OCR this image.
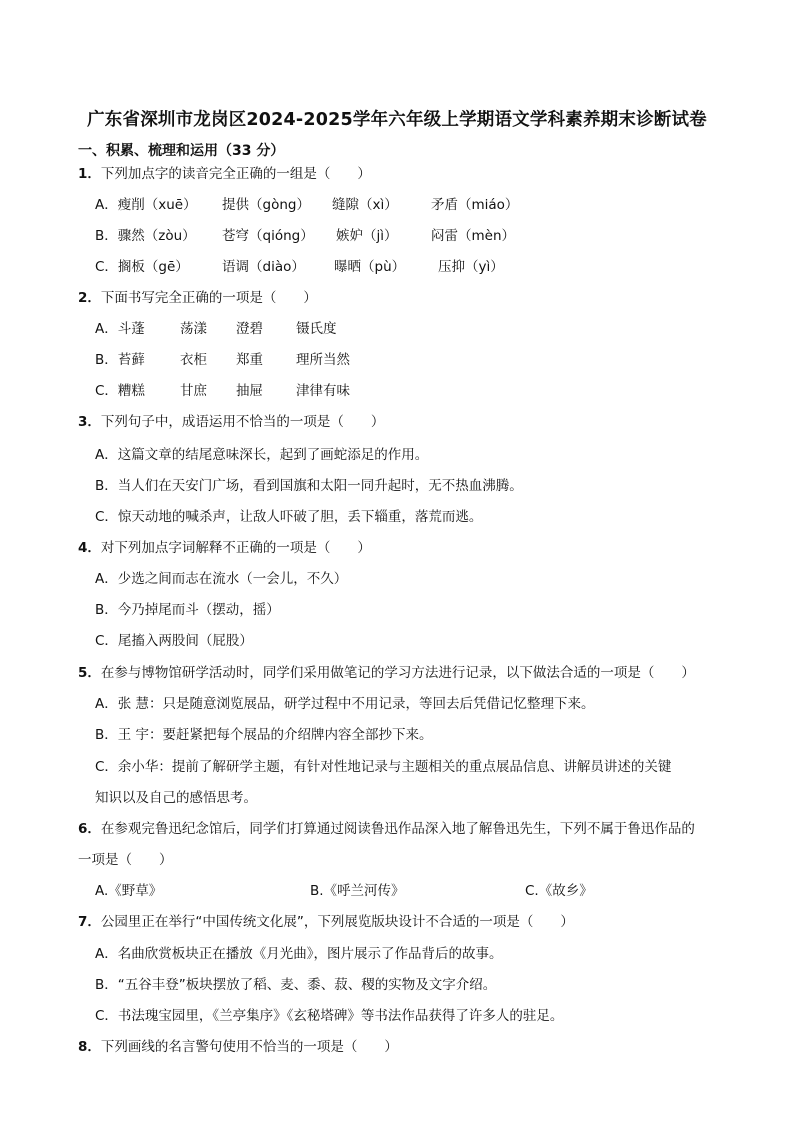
广东省深圳市龙岗区2024-2025学年六年级上学期语文学科素养期末诊断试卷
一、积累、梳理和运用（33 分）
1．下列加点字的读音完全正确的一组是（　　）
A．瘦削（xuē） 提供（gòng） 缝隙（xì） 矛盾（miáo）
B．骤然（zòu） 苍穹（qióng） 嫉妒（jì） 闷雷（mèn）
C．搁板（gē） 语调（diào） 曝晒（pù） 压抑（yì）
2．下面书写完全正确的一项是（　　）
A．斗蓬	荡漾 澄碧 镊氏度
B．苔藓	衣柜 郑重 理所当然
C．糟糕	甘庶 抽屉 津律有味
3．下列句子中，成语运用不恰当的一项是（　　）
A．这篇文章的结尾意味深长，起到了画蛇添足的作用。
B．当人们在天安门广场，看到国旗和太阳一同升起时，无不热血沸腾。
C．惊天动地的喊杀声，让敌人吓破了胆，丢下辎重，落荒而逃。
4．对下列加点字词解释不正确的一项是（　　）
A．少选之间而志在流水（一会儿，不久）
B．今乃掉尾而斗（摆动，摇）
C．尾搐入两股间（屁股）
5．在参与博物馆研学活动时，同学们采用做笔记的学习方法进行记录，以下做法合适的一项是（　　）
A．张 慧：只是随意浏览展品，研学过程中不用记录，等回去后凭借记忆整理下来。
B．王 宇：要赶紧把每个展品的介绍牌内容全部抄下来。
C．余小华：提前了解研学主题，有针对性地记录与主题相关的重点展品信息、讲解员讲述的关键
知识以及自己的感悟思考。
6．在参观完鲁迅纪念馆后，同学们打算通过阅读鲁迅作品深入地了解鲁迅先生，下列不属于鲁迅作品的
一项是（　　）
A.《野草》	B.《呼兰河传》	C.《故乡》
7．公园里正在举行“中国传统文化展”，下列展览版块设计不合适的一项是（　　）
A．名曲欣赏板块正在播放《月光曲》，图片展示了作品背后的故事。
B．“五谷丰登”板块摆放了稻、麦、黍、菽、稷的实物及文字介绍。
C．书法瑰宝园里，《兰亭集序》《玄秘塔碑》等书法作品获得了许多人的驻足。
8．下列画线的名言警句使用不恰当的一项是（　　）
